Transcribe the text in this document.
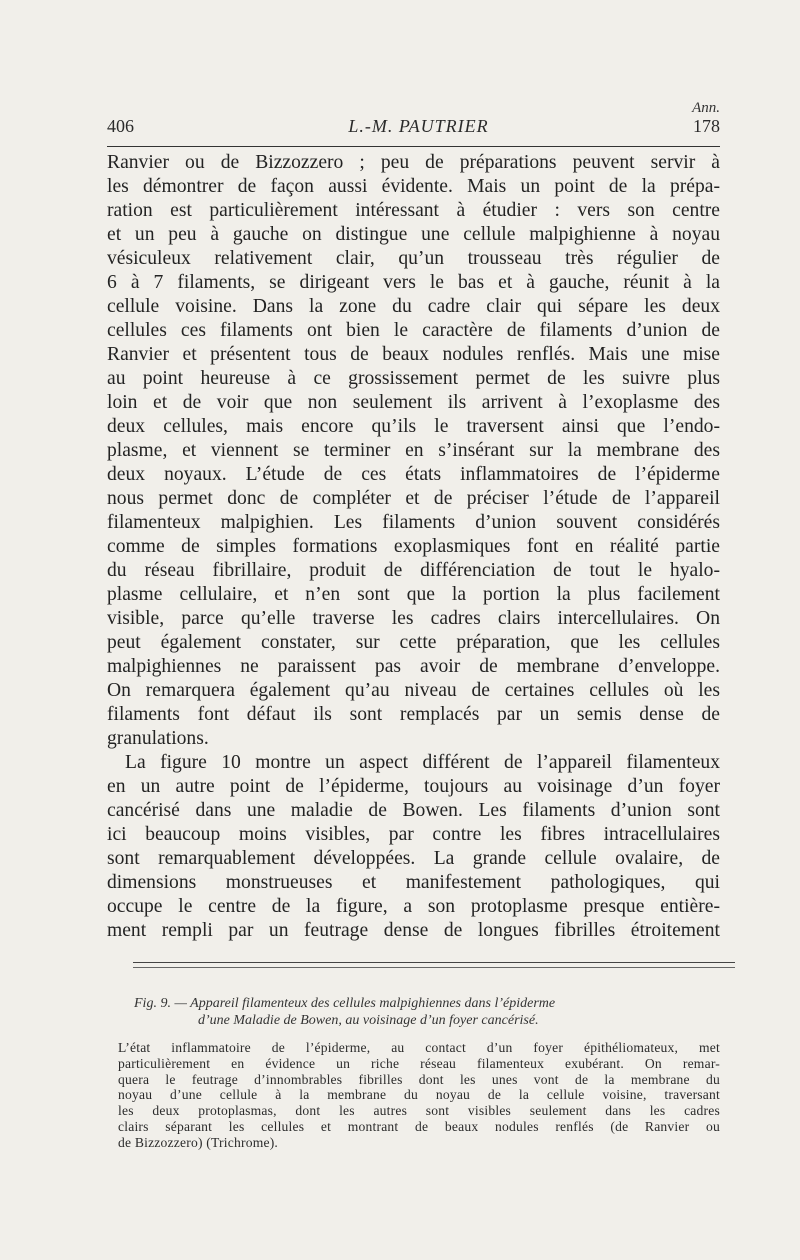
Ann.
406	L.-M. PAUTRIER	178
Ranvier ou de Bizzozzero ; peu de préparations peuvent servir à
les démontrer de façon aussi évidente. Mais un point de la prépa-
ration est particulièrement intéressant à étudier : vers son centre
et un peu à gauche on distingue une cellule malpighienne à noyau
vésiculeux relativement clair, qu’un trousseau très régulier de
6 à 7 filaments, se dirigeant vers le bas et à gauche, réunit à la
cellule voisine. Dans la zone du cadre clair qui sépare les deux
cellules ces filaments ont bien le caractère de filaments d’union de
Ranvier et présentent tous de beaux nodules renflés. Mais une mise
au point heureuse à ce grossissement permet de les suivre plus
loin et de voir que non seulement ils arrivent à l’exoplasme des
deux cellules, mais encore qu’ils le traversent ainsi que l’endo-
plasme, et viennent se terminer en s’insérant sur la membrane des
deux noyaux. L’étude de ces états inflammatoires de l’épiderme
nous permet donc de compléter et de préciser l’étude de l’appareil
filamenteux malpighien. Les filaments d’union souvent considérés
comme de simples formations exoplasmiques font en réalité partie
du réseau fibrillaire, produit de différenciation de tout le hyalo-
plasme cellulaire, et n’en sont que la portion la plus facilement
visible, parce qu’elle traverse les cadres clairs intercellulaires. On
peut également constater, sur cette préparation, que les cellules
malpighiennes ne paraissent pas avoir de membrane d’enveloppe.
On remarquera également qu’au niveau de certaines cellules où les
filaments font défaut ils sont remplacés par un semis dense de
granulations.
La figure 10 montre un aspect différent de l’appareil filamenteux
en un autre point de l’épiderme, toujours au voisinage d’un foyer
cancérisé dans une maladie de Bowen. Les filaments d’union sont
ici beaucoup moins visibles, par contre les fibres intracellulaires
sont remarquablement développées. La grande cellule ovalaire, de
dimensions monstrueuses et manifestement pathologiques, qui
occupe le centre de la figure, a son protoplasme presque entière-
ment rempli par un feutrage dense de longues fibrilles étroitement
Fig. 9. — Appareil filamenteux des cellules malpighiennes dans l’épiderme
d’une Maladie de Bowen, au voisinage d’un foyer cancérisé.
L’état inflammatoire de l’épiderme, au contact d’un foyer épithéliomateux, met
particulièrement en évidence un riche réseau filamenteux exubérant. On remar-
quera le feutrage d’innombrables fibrilles dont les unes vont de la membrane du
noyau d’une cellule à la membrane du noyau de la cellule voisine, traversant
les deux protoplasmas, dont les autres sont visibles seulement dans les cadres
clairs séparant les cellules et montrant de beaux nodules renflés (de Ranvier ou
de Bizzozzero) (Trichrome).
